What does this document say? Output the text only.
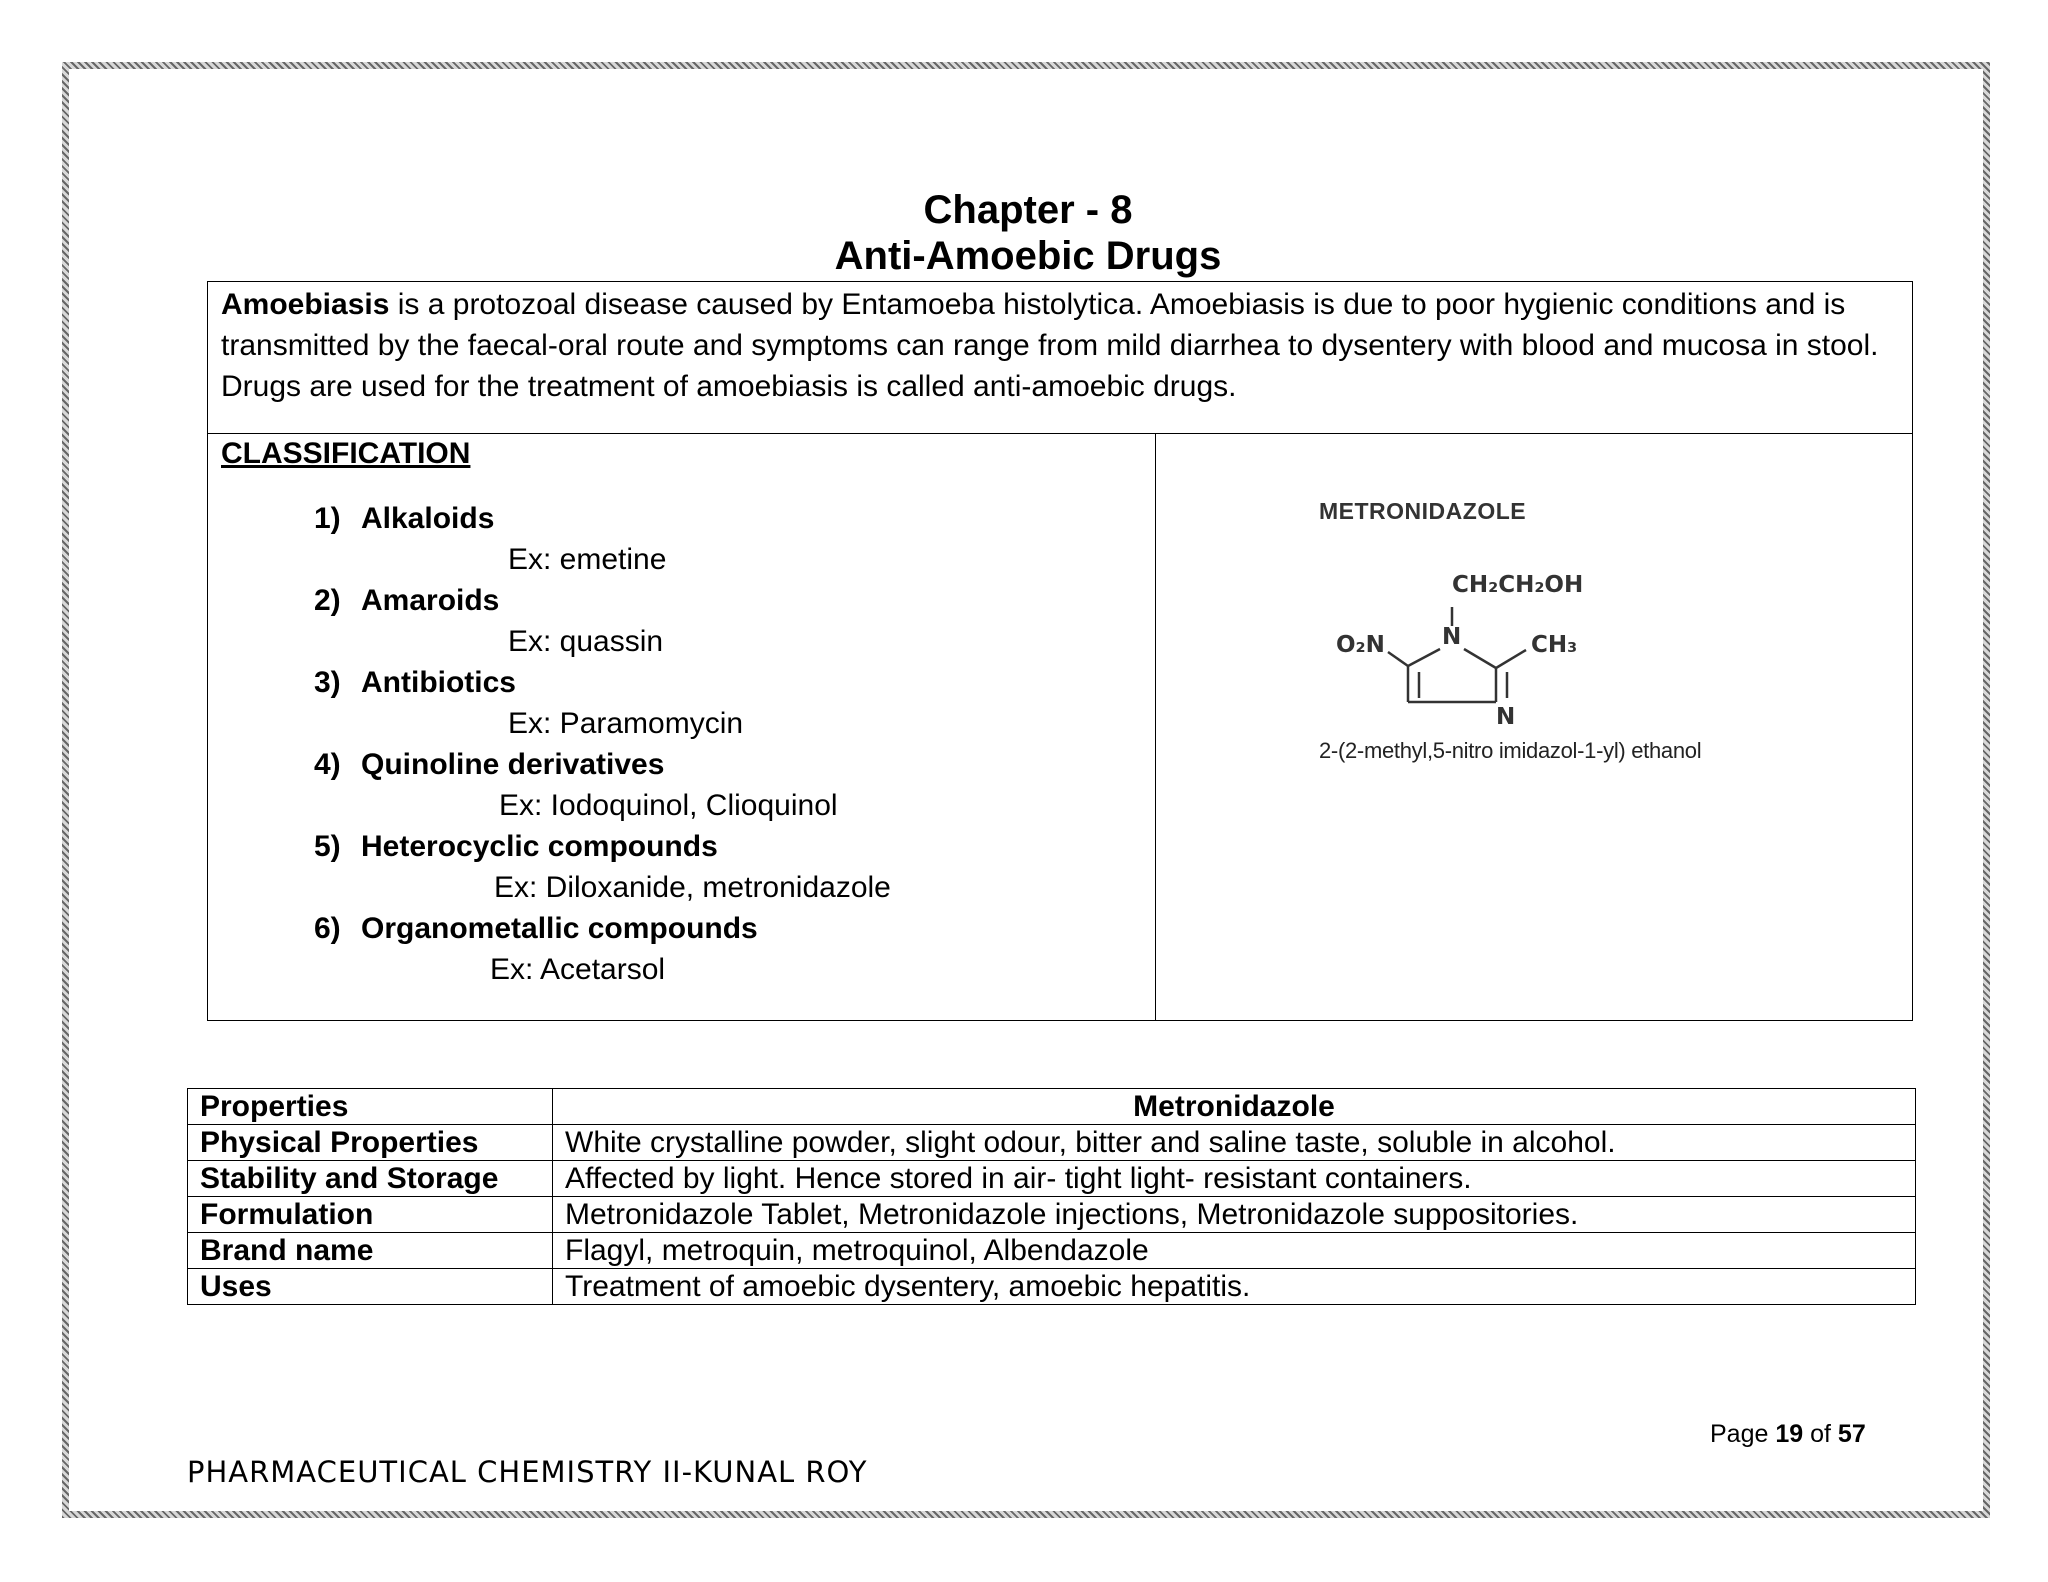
Chapter - 8
Anti-Amoebic Drugs
Amoebiasis is a protozoal disease caused by Entamoeba histolytica. Amoebiasis is due to poor hygienic conditions and is transmitted by the faecal-oral route and symptoms can range from mild diarrhea to dysentery with blood and mucosa in stool. Drugs are used for the treatment of amoebiasis is called anti-amoebic drugs.
CLASSIFICATION
1) Alkaloids
Ex: emetine
2) Amaroids
Ex: quassin
3) Antibiotics
Ex: Paramomycin
4) Quinoline derivatives
Ex: Iodoquinol, Clioquinol
5) Heterocyclic compounds
Ex: Diloxanide, metronidazole
6) Organometallic compounds
Ex: Acetarsol
METRONIDAZOLE
CH₂CH₂OH
N
O₂N	CH₃
N
2-(2-methyl,5-nitro imidazol-1-yl) ethanol
Properties	Metronidazole
Physical Properties	White crystalline powder, slight odour, bitter and saline taste, soluble in alcohol.
Stability and Storage	Affected by light. Hence stored in air- tight light- resistant containers.
Formulation	Metronidazole Tablet, Metronidazole injections, Metronidazole suppositories.
Brand name	Flagyl, metroquin, metroquinol, Albendazole
Uses	Treatment of amoebic dysentery, amoebic hepatitis.
Page 19 of 57
PHARMACEUTICAL CHEMISTRY II-KUNAL ROY
